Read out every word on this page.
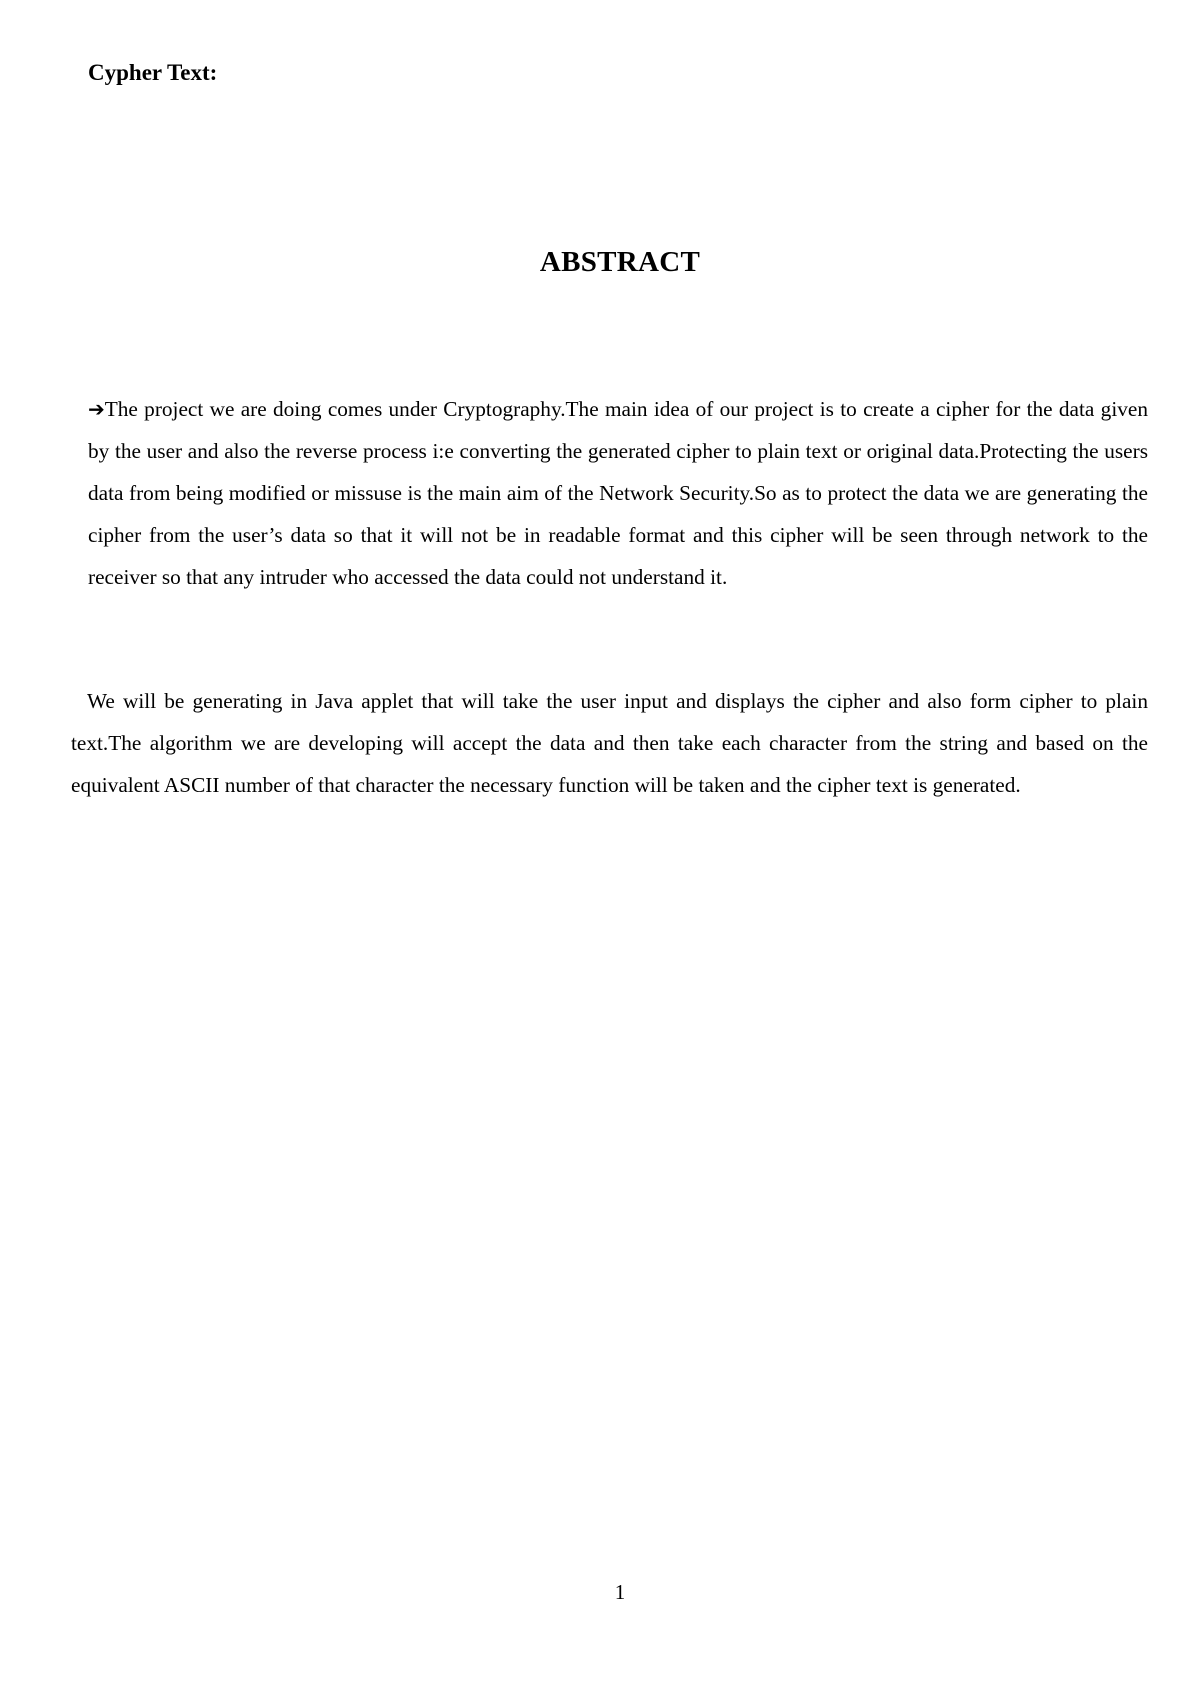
Cypher Text:

ABSTRACT

➔The project we are doing comes under Cryptography.The main idea of our project is to create a cipher for the data given by the user and also the reverse process i:e converting the generated cipher to plain text or original data.Protecting the users data from being modified or missuse is the main aim of the Network Security.So as to protect the data we are generating the cipher from the user’s data so that it will not be in readable format and this cipher will be seen through network to the receiver so that any intruder who accessed the data could not understand it.

We will be generating in Java applet that will take the user input and displays the cipher and also form cipher to plain text.The algorithm we are developing will accept the data and then take each character from the string and based on the equivalent ASCII number of that character the necessary function will be taken and the cipher text is generated.

1
